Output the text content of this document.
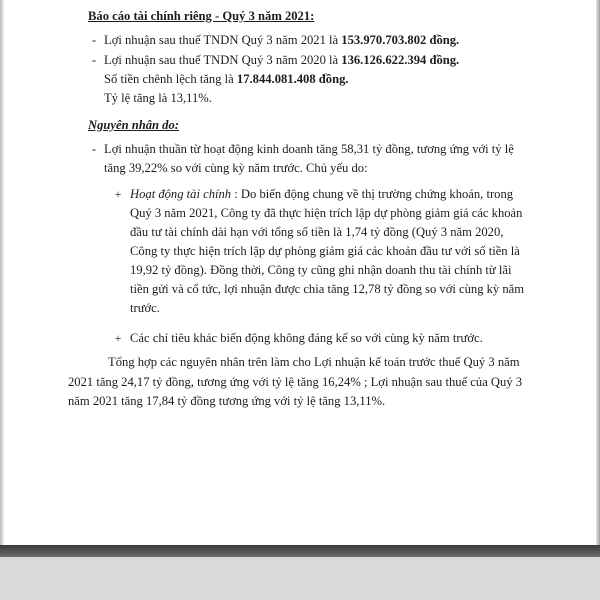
Báo cáo tài chính riêng - Quý 3 năm 2021:
- Lợi nhuận sau thuế TNDN Quý 3 năm 2021 là 153.970.703.802 đồng.
- Lợi nhuận sau thuế TNDN Quý 3 năm 2020 là 136.126.622.394 đồng.
Số tiền chênh lệch tăng là 17.844.081.408 đồng.
Tỷ lệ tăng là 13,11%.
Nguyên nhân do:
- Lợi nhuận thuần từ hoạt động kinh doanh tăng 58,31 tỷ đồng, tương ứng với tỷ lệ
tăng 39,22% so với cùng kỳ năm trước. Chủ yếu do:
+ Hoạt động tài chính : Do biến động chung về thị trường chứng khoán, trong
Quý 3 năm 2021, Công ty đã thực hiện trích lập dự phòng giảm giá các khoản
đầu tư tài chính dài hạn với tổng số tiền là 1,74 tỷ đồng (Quý 3 năm 2020,
Công ty thực hiện trích lập dự phòng giảm giá các khoản đầu tư với số tiền là
19,92 tỷ đồng). Đồng thời, Công ty cũng ghi nhận doanh thu tài chính từ lãi
tiền gửi và cổ tức, lợi nhuận được chia tăng 12,78 tỷ đồng so với cùng kỳ năm
trước.
+ Các chỉ tiêu khác biến động không đáng kể so với cùng kỳ năm trước.
Tổng hợp các nguyên nhân trên làm cho Lợi nhuận kế toán trước thuế Quý 3 năm
2021 tăng 24,17 tỷ đồng, tương ứng với tỷ lệ tăng 16,24% ; Lợi nhuận sau thuế của Quý 3
năm 2021 tăng 17,84 tỷ đồng tương ứng với tỷ lệ tăng 13,11%.
